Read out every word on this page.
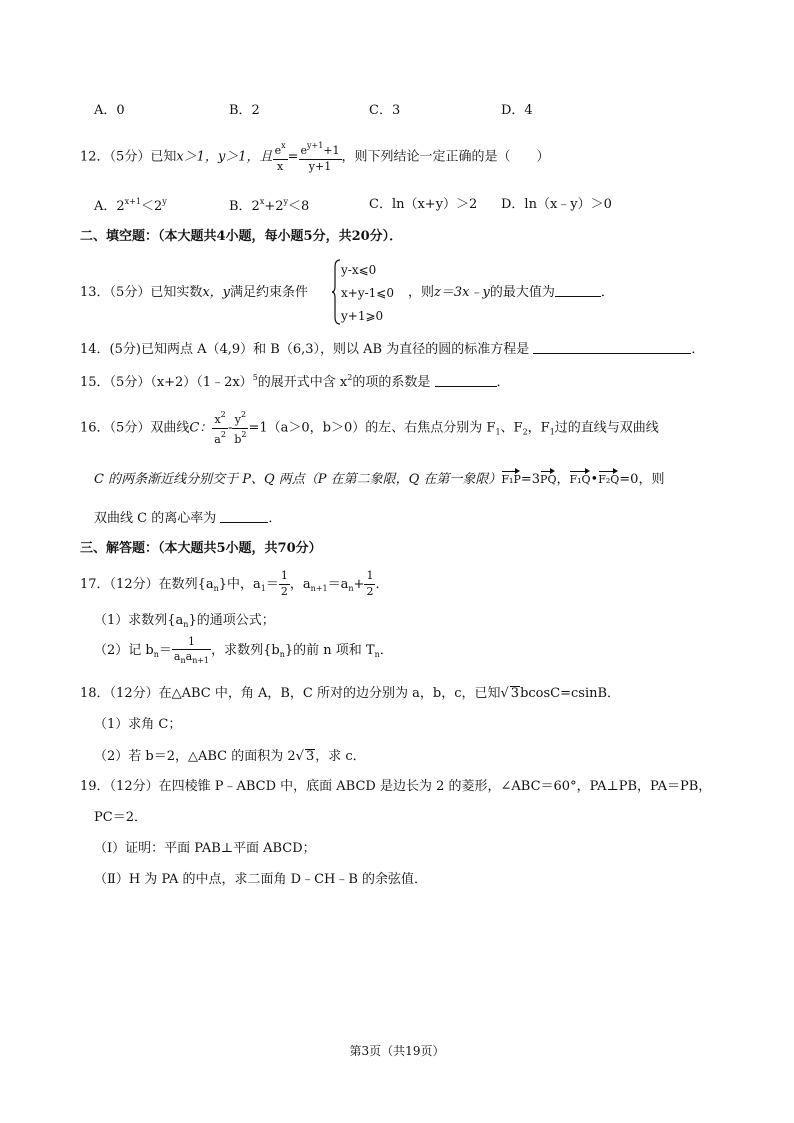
A．0	B．2	C．3	D．4
12．（5分）已知x＞1，y＞1，且 $\frac{e^x}{x} = \frac{e^{y+1}+1}{y+1}$ ，则下列结论一定正确的是（　　）
A．$2^{x+1}<2^y$	B．$2^x+2^y<8$	C．ln（x+y）＞2 D．ln（x﹣y）＞0
二、填空题：（本大题共4小题，每小题5分，共20分）．
13．（5分）已知实数x，y满足约束条件
y-x⩽0
x+y-1⩽0
y+1⩾0
，则z＝3x﹣y的最大值为	．
14．(5分)已知两点 A（4,9）和 B（6,3），则以 AB 为直径的圆的标准方程是	．
15．（5分）（x+2）（1﹣2x）$^5$的展开式中含 $x^2$的项的系数是	．
16．（5分）双曲线C： $\frac{x^2}{a^2} - \frac{y^2}{b^2} =1(a>0$，b＞0）的左、右焦点分别为 $F_1$、$F_2$，$F_1$过的直线与双曲线
C 的两条渐近线分别交于 P、Q 两点（P 在第二象限，Q 在第一象限）F₁P=3PQ，F₁Q•F₂Q=0，则
双曲线 C 的离心率为	．
三、解答题：（本大题共5小题，共70分）
17．（12分）在数列$\{a_n\}$中，$a_1= \frac{1}{2}$ ，$a_{n+1}=a_n+ \frac{1}{2}$ ．
（1）求数列$\{a_n\}$的通项公式；
（2）记 $b_n= \frac{1}{a_na_{n+1}}$ ，求数列$\{b_n\}$的前 n 项和 $T_n$．
18．（12分）在△ABC 中，角 A，B，C 所对的边分别为 a，b，c，已知√ 3bcosC=csinB．
（1）求角 C；
（2）若 b＝2，△ABC 的面积为 2√ 3，求 c．
19．（12分）在四棱锥 P﹣ABCD 中，底面 ABCD 是边长为 2 的菱形，∠ABC＝60°，PA⊥PB，PA＝PB，
PC＝2．
（Ⅰ）证明：平面 PAB⊥平面 ABCD；
（Ⅱ）H 为 PA 的中点，求二面角 D﹣CH﹣B 的余弦值．
第3页（共19页）
